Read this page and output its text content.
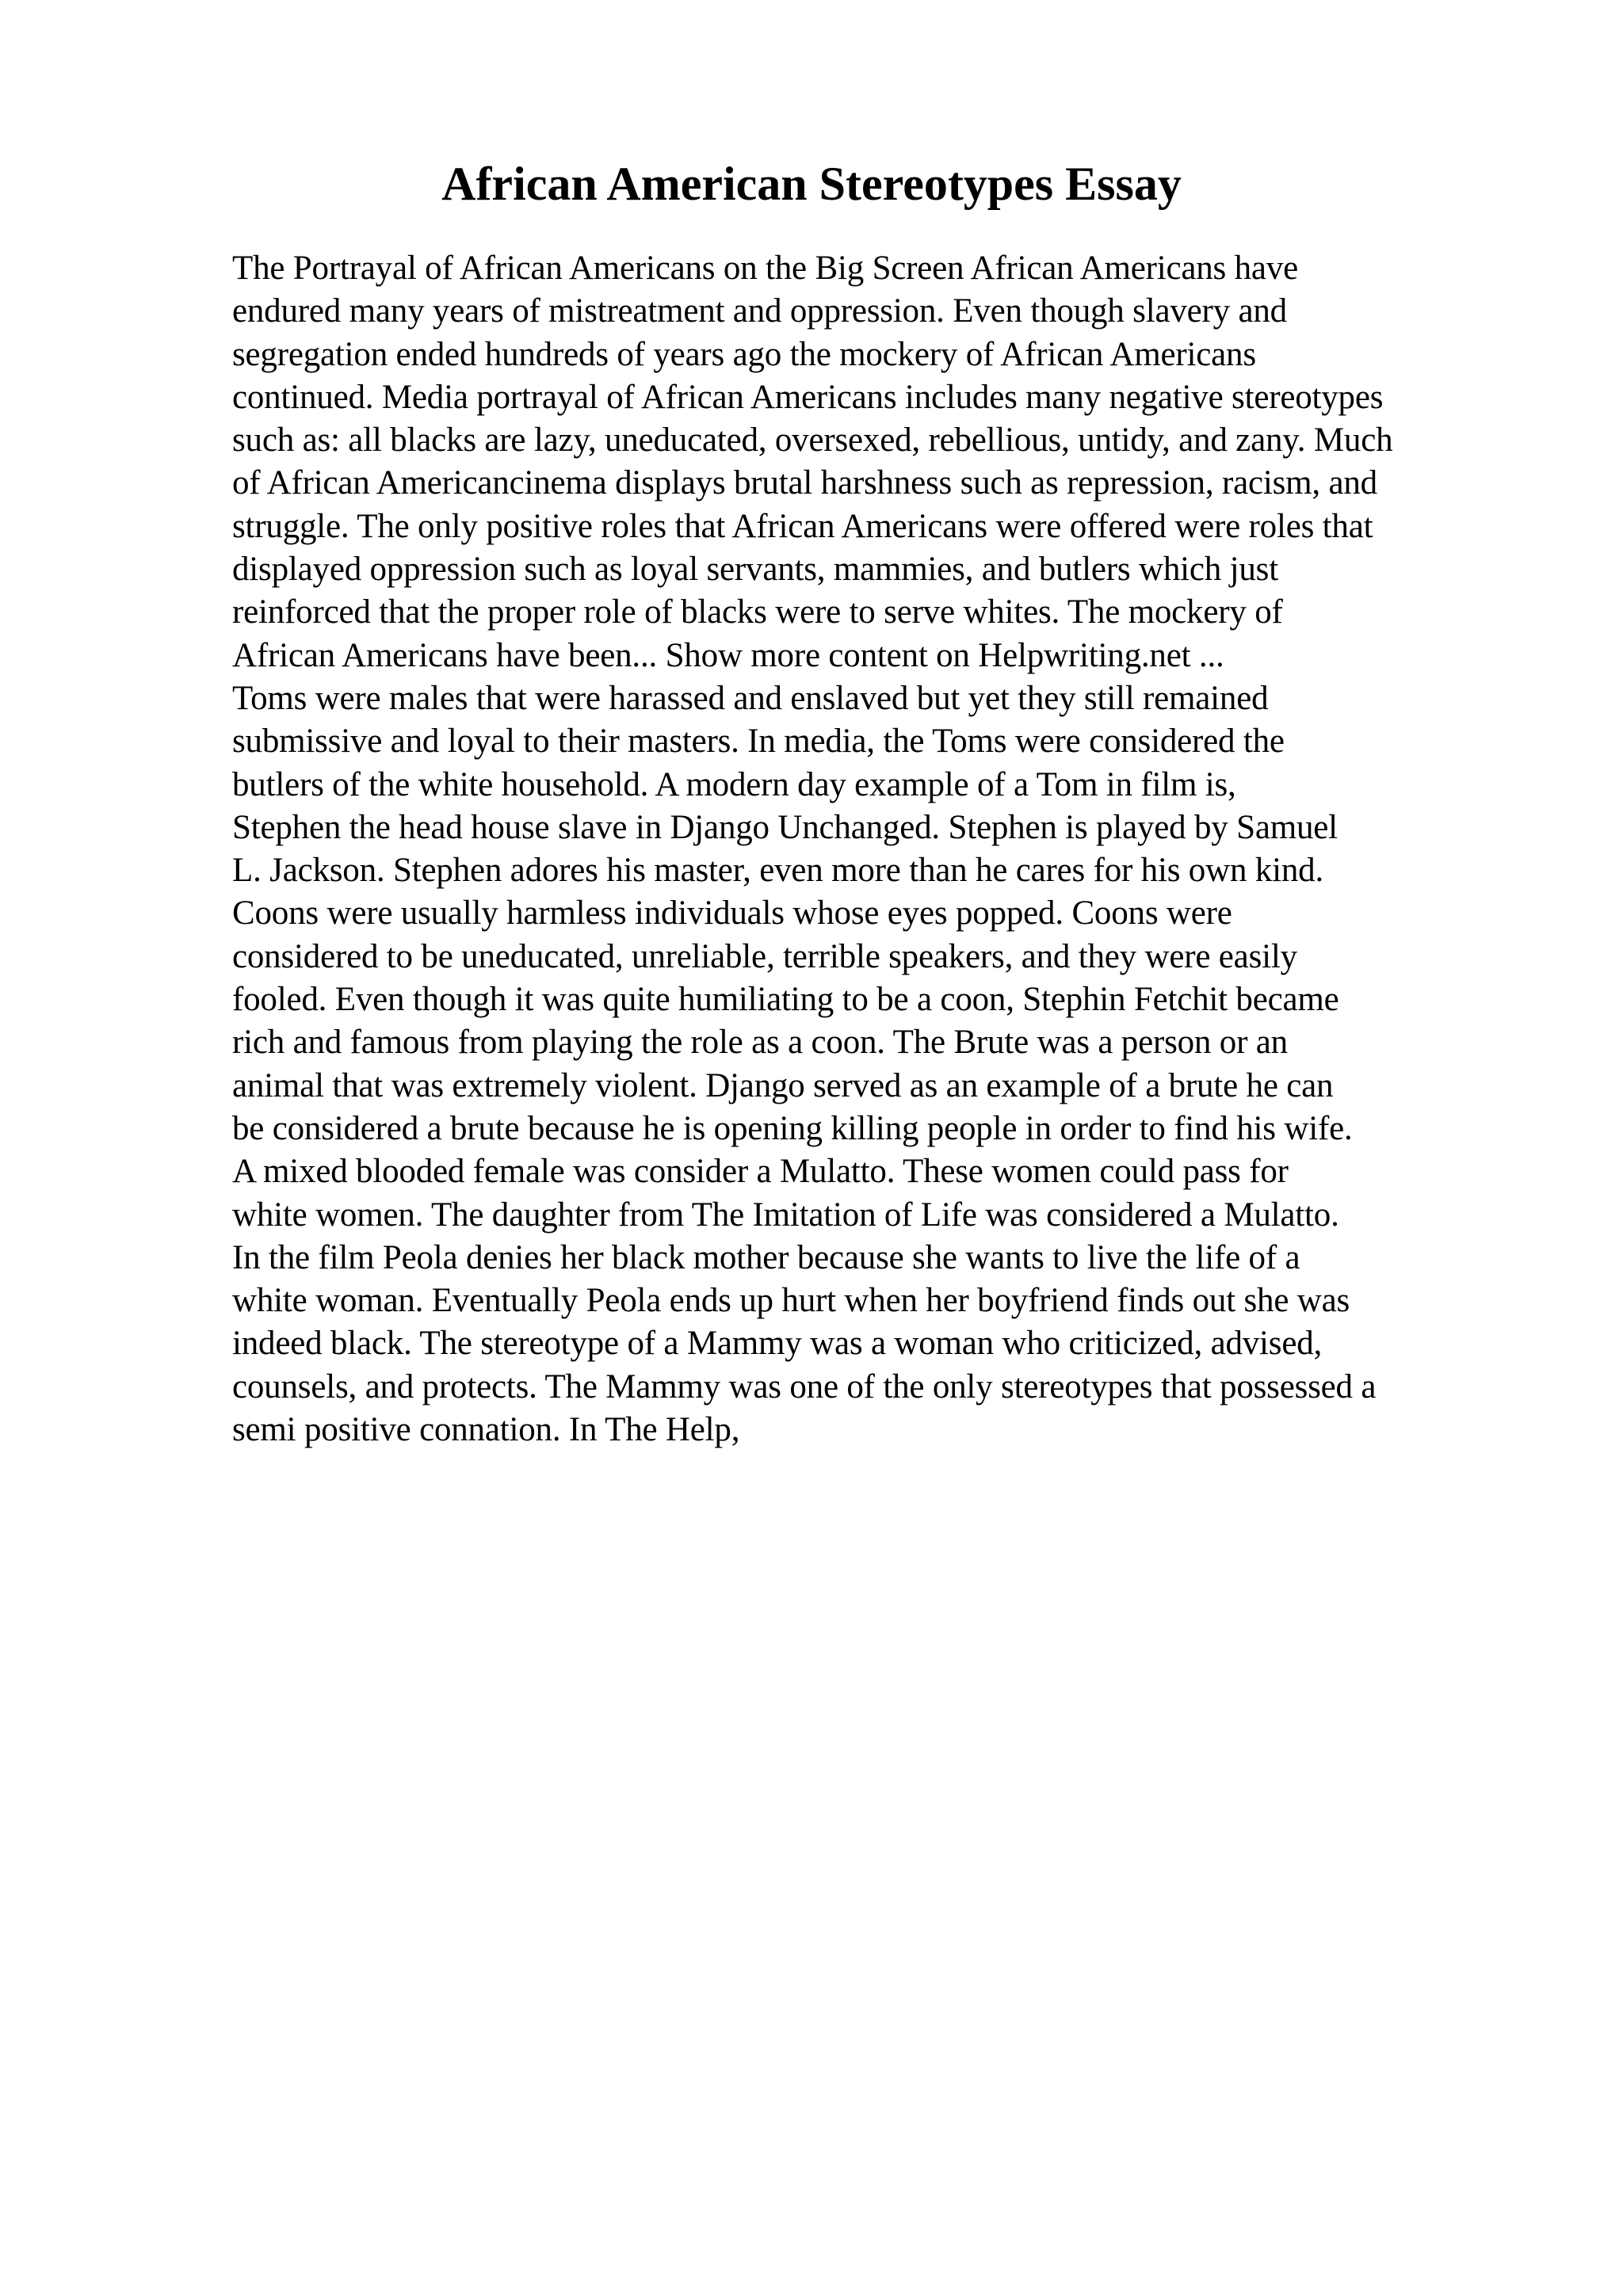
African American Stereotypes Essay
The Portrayal of African Americans on the Big Screen African Americans have
endured many years of mistreatment and oppression. Even though slavery and
segregation ended hundreds of years ago the mockery of African Americans
continued. Media portrayal of African Americans includes many negative stereotypes
such as: all blacks are lazy, uneducated, oversexed, rebellious, untidy, and zany. Much
of African Americancinema displays brutal harshness such as repression, racism, and
struggle. The only positive roles that African Americans were offered were roles that
displayed oppression such as loyal servants, mammies, and butlers which just
reinforced that the proper role of blacks were to serve whites. The mockery of
African Americans have been... Show more content on Helpwriting.net ...
Toms were males that were harassed and enslaved but yet they still remained
submissive and loyal to their masters. In media, the Toms were considered the
butlers of the white household. A modern day example of a Tom in film is,
Stephen the head house slave in Django Unchanged. Stephen is played by Samuel
L. Jackson. Stephen adores his master, even more than he cares for his own kind.
Coons were usually harmless individuals whose eyes popped. Coons were
considered to be uneducated, unreliable, terrible speakers, and they were easily
fooled. Even though it was quite humiliating to be a coon, Stephin Fetchit became
rich and famous from playing the role as a coon. The Brute was a person or an
animal that was extremely violent. Django served as an example of a brute he can
be considered a brute because he is opening killing people in order to find his wife.
A mixed blooded female was consider a Mulatto. These women could pass for
white women. The daughter from The Imitation of Life was considered a Mulatto.
In the film Peola denies her black mother because she wants to live the life of a
white woman. Eventually Peola ends up hurt when her boyfriend finds out she was
indeed black. The stereotype of a Mammy was a woman who criticized, advised,
counsels, and protects. The Mammy was one of the only stereotypes that possessed a
semi positive connation. In The Help,
